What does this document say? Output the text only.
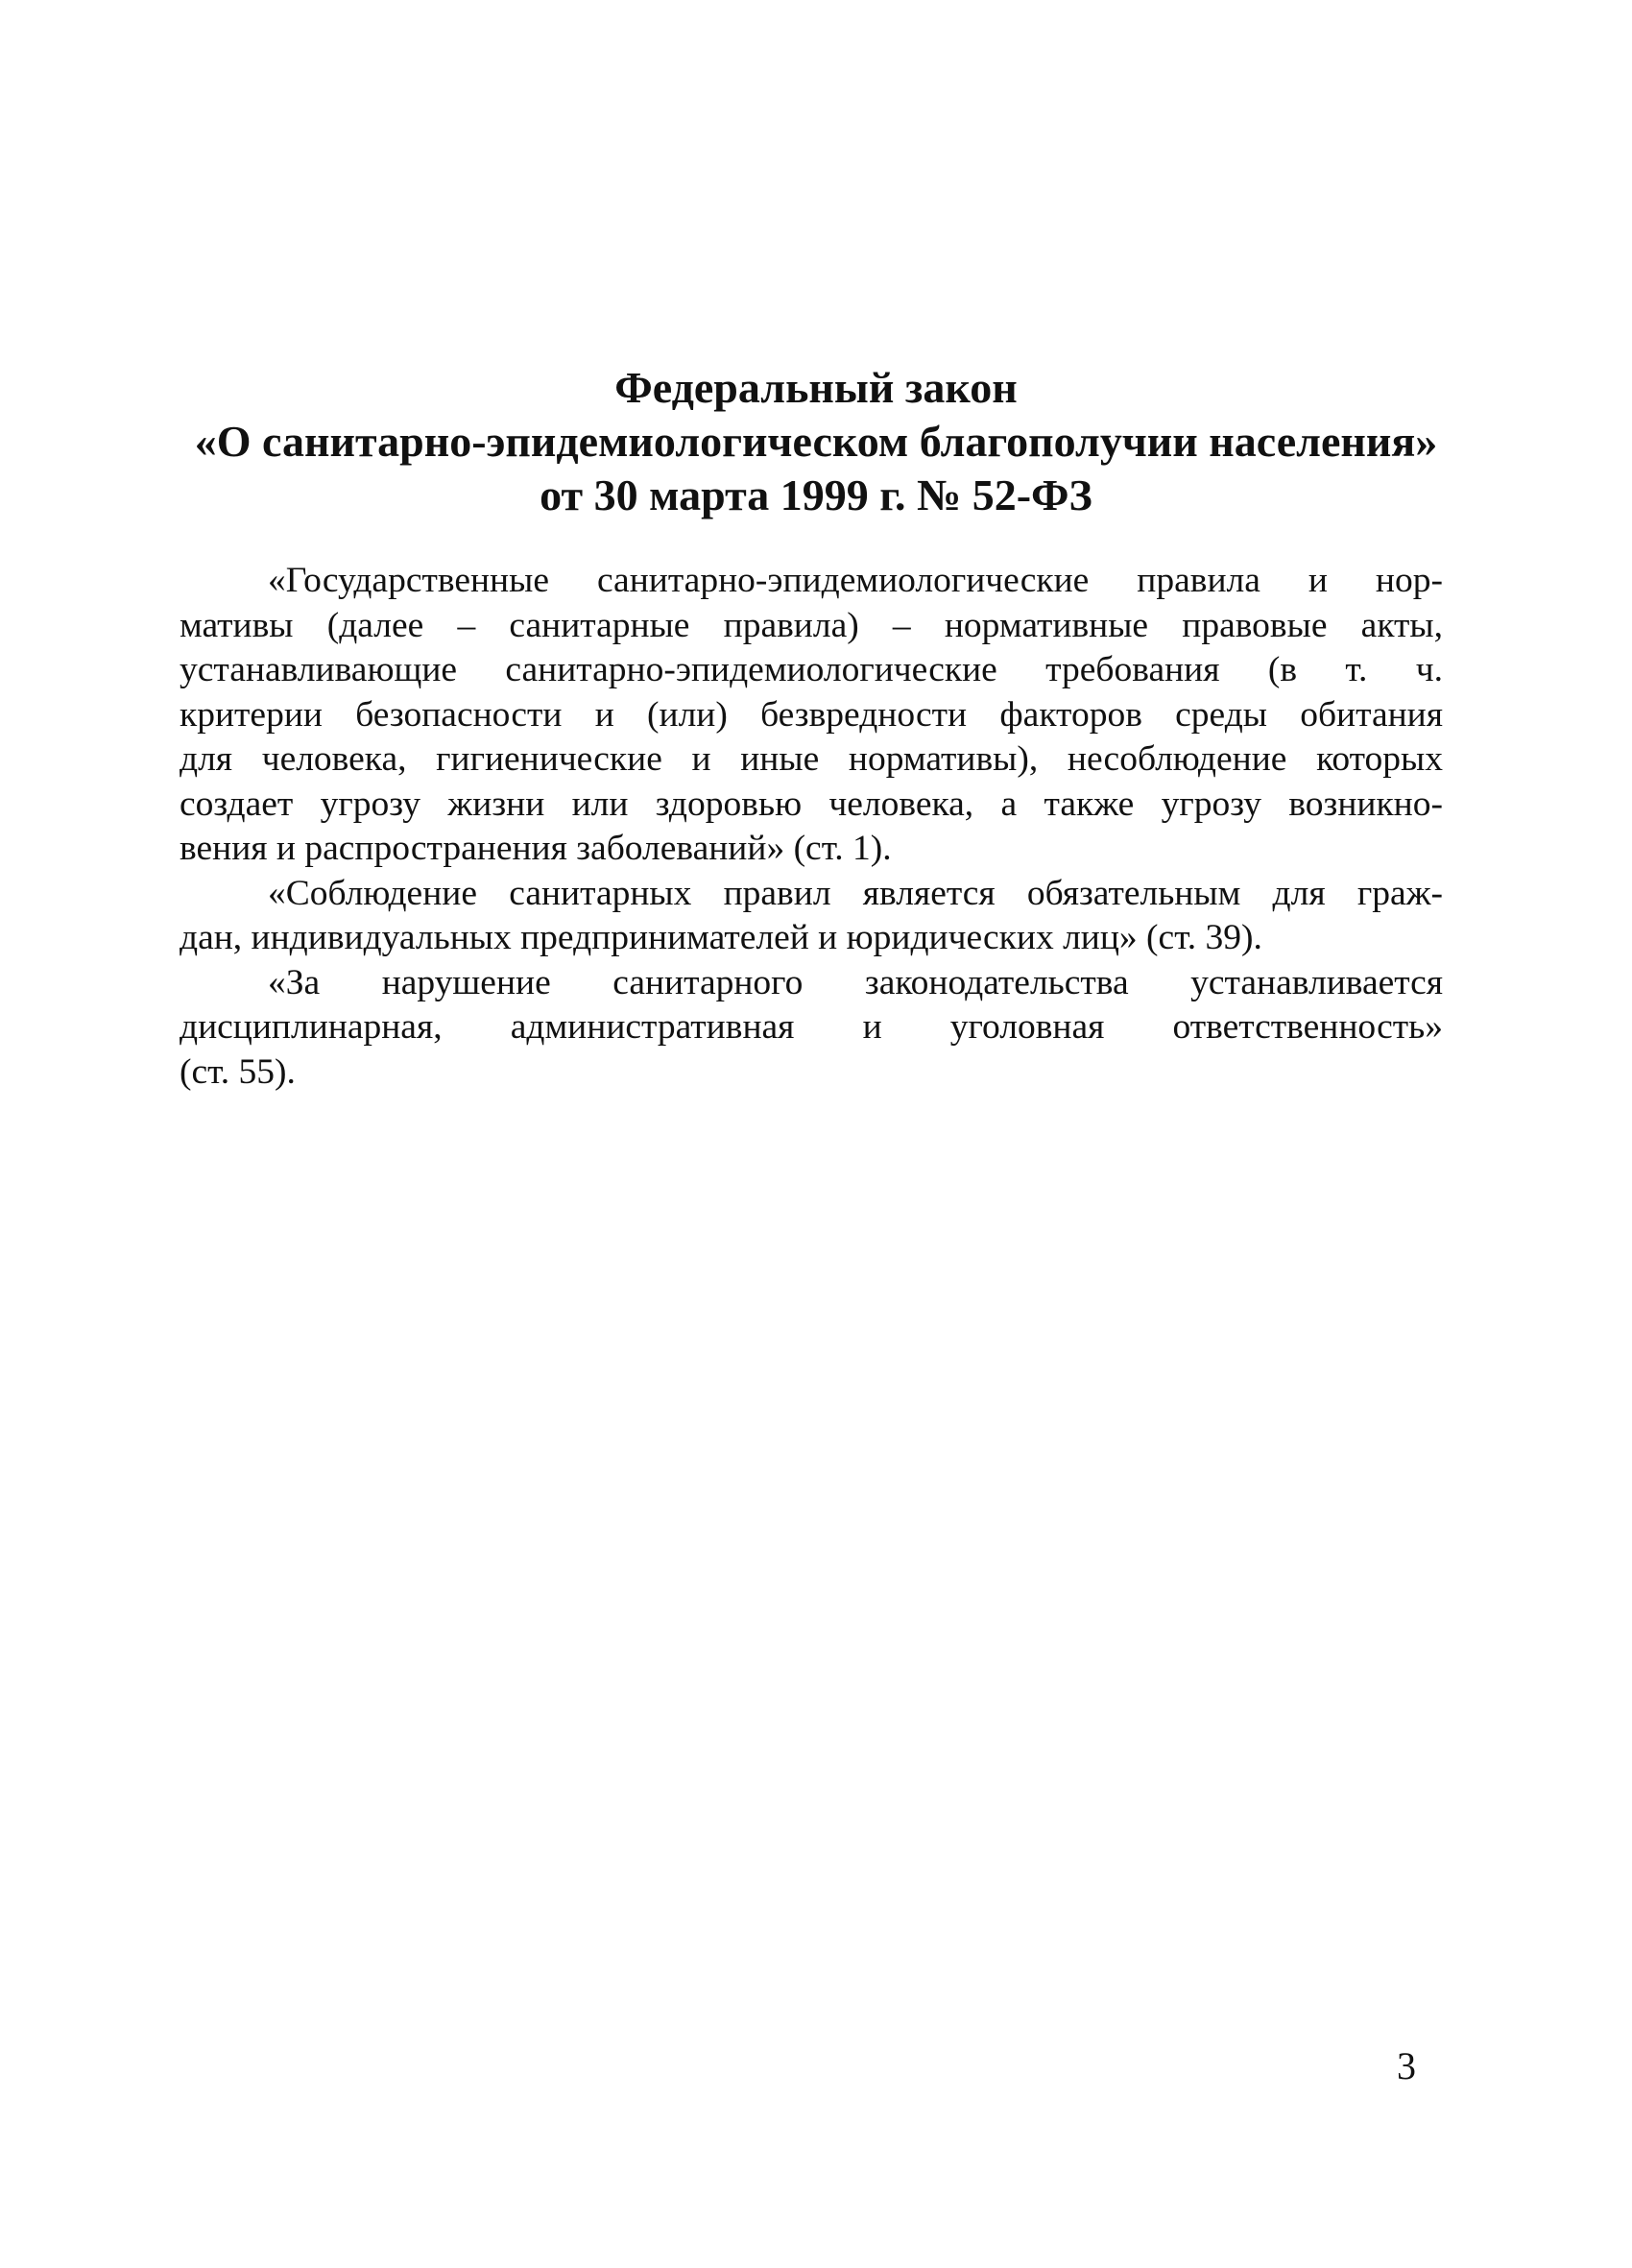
Федеральный закон
«О санитарно-эпидемиологическом благополучии населения»
от 30 марта 1999 г. № 52-ФЗ
«Государственные санитарно-эпидемиологические правила и нор-
мативы (далее – санитарные правила) – нормативные правовые акты,
устанавливающие санитарно-эпидемиологические требования (в т. ч.
критерии безопасности и (или) безвредности факторов среды обитания
для человека, гигиенические и иные нормативы), несоблюдение которых
создает угрозу жизни или здоровью человека, а также угрозу возникно-
вения и распространения заболеваний» (ст. 1).
«Соблюдение санитарных правил является обязательным для граж-
дан, индивидуальных предпринимателей и юридических лиц» (ст. 39).
«За нарушение санитарного законодательства устанавливается
дисциплинарная, административная и уголовная ответственность»
(ст. 55).
3
